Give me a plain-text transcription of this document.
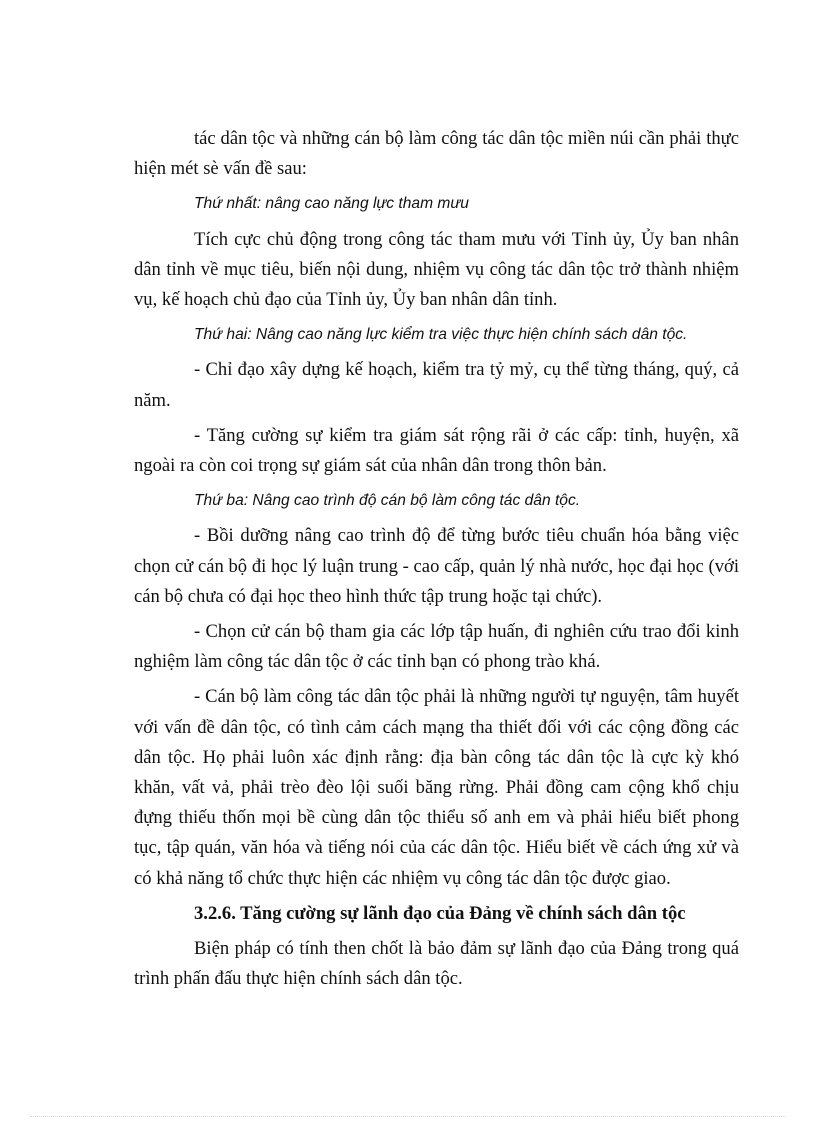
tác dân tộc và những cán bộ làm công tác dân tộc miền núi cần phải thực hiện mét sè vấn đề sau:

Thứ nhất: nâng cao năng lực tham mưu

Tích cực chủ động trong công tác tham mưu với Tỉnh ủy, Ủy ban nhân dân tỉnh về mục tiêu, biến nội dung, nhiệm vụ công tác dân tộc trở thành nhiệm vụ, kế hoạch chủ đạo của Tỉnh ủy, Ủy ban nhân dân tỉnh.

Thứ hai: Nâng cao năng lực kiểm tra việc thực hiện chính sách dân tộc.

- Chỉ đạo xây dựng kế hoạch, kiểm tra tỷ mỷ, cụ thể từng tháng, quý, cả năm.

- Tăng cường sự kiểm tra giám sát rộng rãi ở các cấp: tỉnh, huyện, xã ngoài ra còn coi trọng sự giám sát của nhân dân trong thôn bản.

Thứ ba: Nâng cao trình độ cán bộ làm công tác dân tộc.

- Bồi dưỡng nâng cao trình độ để từng bước tiêu chuẩn hóa bằng việc chọn cử cán bộ đi học lý luận trung - cao cấp, quản lý nhà nước, học đại học (với cán bộ chưa có đại học theo hình thức tập trung hoặc tại chức).

- Chọn cử cán bộ tham gia các lớp tập huấn, đi nghiên cứu trao đổi kinh nghiệm làm công tác dân tộc ở các tỉnh bạn có phong trào khá.

- Cán bộ làm công tác dân tộc phải là những người tự nguyện, tâm huyết với vấn đề dân tộc, có tình cảm cách mạng tha thiết đối với các cộng đồng các dân tộc. Họ phải luôn xác định rằng: địa bàn công tác dân tộc là cực kỳ khó khăn, vất vả, phải trèo đèo lội suối băng rừng. Phải đồng cam cộng khổ chịu đựng thiếu thốn mọi bề cùng dân tộc thiểu số anh em và phải hiểu biết phong tục, tập quán, văn hóa và tiếng nói của các dân tộc. Hiểu biết về cách ứng xử và có khả năng tổ chức thực hiện các nhiệm vụ công tác dân tộc được giao.

3.2.6. Tăng cường sự lãnh đạo của Đảng về chính sách dân tộc

Biện pháp có tính then chốt là bảo đảm sự lãnh đạo của Đảng trong quá trình phấn đấu thực hiện chính sách dân tộc.
